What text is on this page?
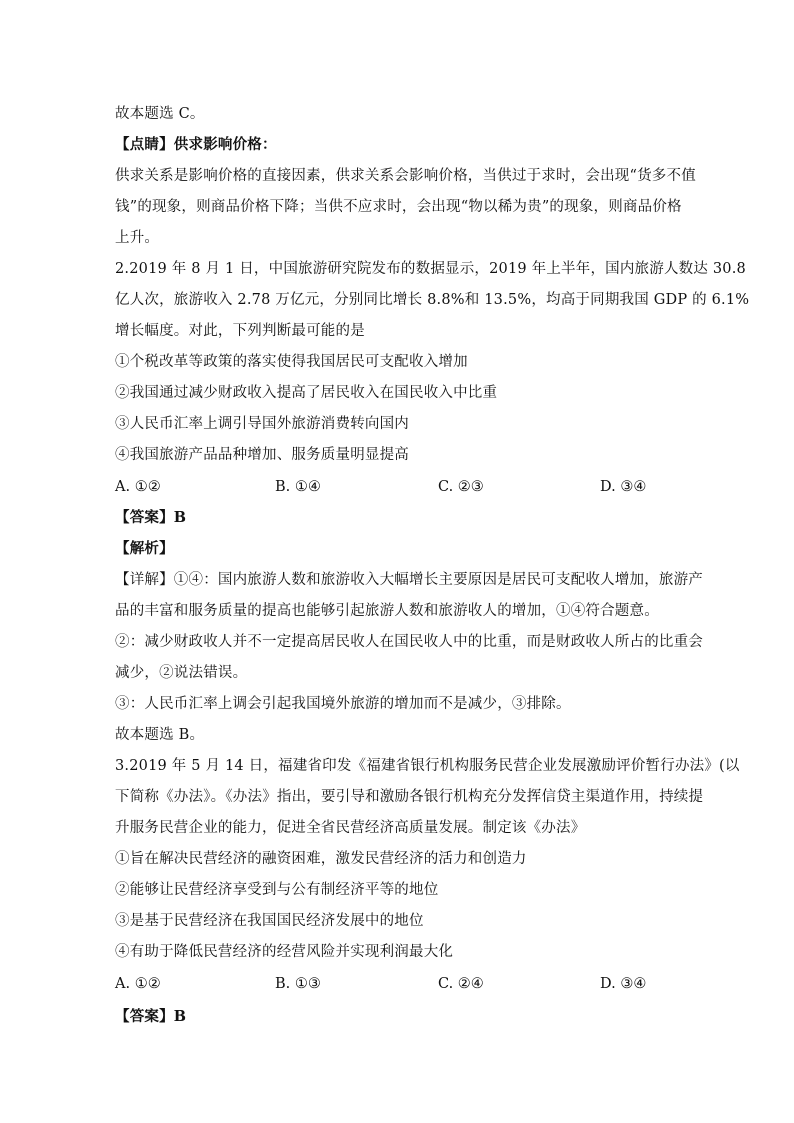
故本题选 C。
【点睛】供求影响价格：
供求关系是影响价格的直接因素，供求关系会影响价格，当供过于求时，会出现“货多不值
钱”的现象，则商品价格下降；当供不应求时，会出现“物以稀为贵”的现象，则商品价格
上升。
2.2019 年 8 月 1 日，中国旅游研究院发布的数据显示，2019 年上半年，国内旅游人数达 30.8
亿人次，旅游收入 2.78 万亿元，分别同比增长 8.8%和 13.5%，均高于同期我国 GDP 的 6.1%
增长幅度。对此，下列判断最可能的是
①个税改革等政策的落实使得我国居民可支配收入增加
②我国通过减少财政收入提高了居民收入在国民收入中比重
③人民币汇率上调引导国外旅游消费转向国内
④我国旅游产品品种增加、服务质量明显提高
A. ①②	B. ①④	C. ②③	D. ③④
【答案】B
【解析】
【详解】①④：国内旅游人数和旅游收入大幅增长主要原因是居民可支配收人增加，旅游产
品的丰富和服务质量的提高也能够引起旅游人数和旅游收人的增加，①④符合题意。
②：减少财政收人并不一定提高居民收人在国民收人中的比重，而是财政收人所占的比重会
减少，②说法错误。
③：人民币汇率上调会引起我国境外旅游的增加而不是减少，③排除。
故本题选 B。
3.2019 年 5 月 14 日，福建省印发《福建省银行机构服务民营企业发展激励评价暂行办法》(以
下简称《办法》。《办法》指出，要引导和激励各银行机构充分发挥信贷主渠道作用，持续提
升服务民营企业的能力，促进全省民营经济高质量发展。制定该《办法》
①旨在解决民营经济的融资困难，激发民营经济的活力和创造力
②能够让民营经济享受到与公有制经济平等的地位
③是基于民营经济在我国国民经济发展中的地位
④有助于降低民营经济的经营风险并实现利润最大化
A. ①②	B. ①③	C. ②④	D. ③④
【答案】B
